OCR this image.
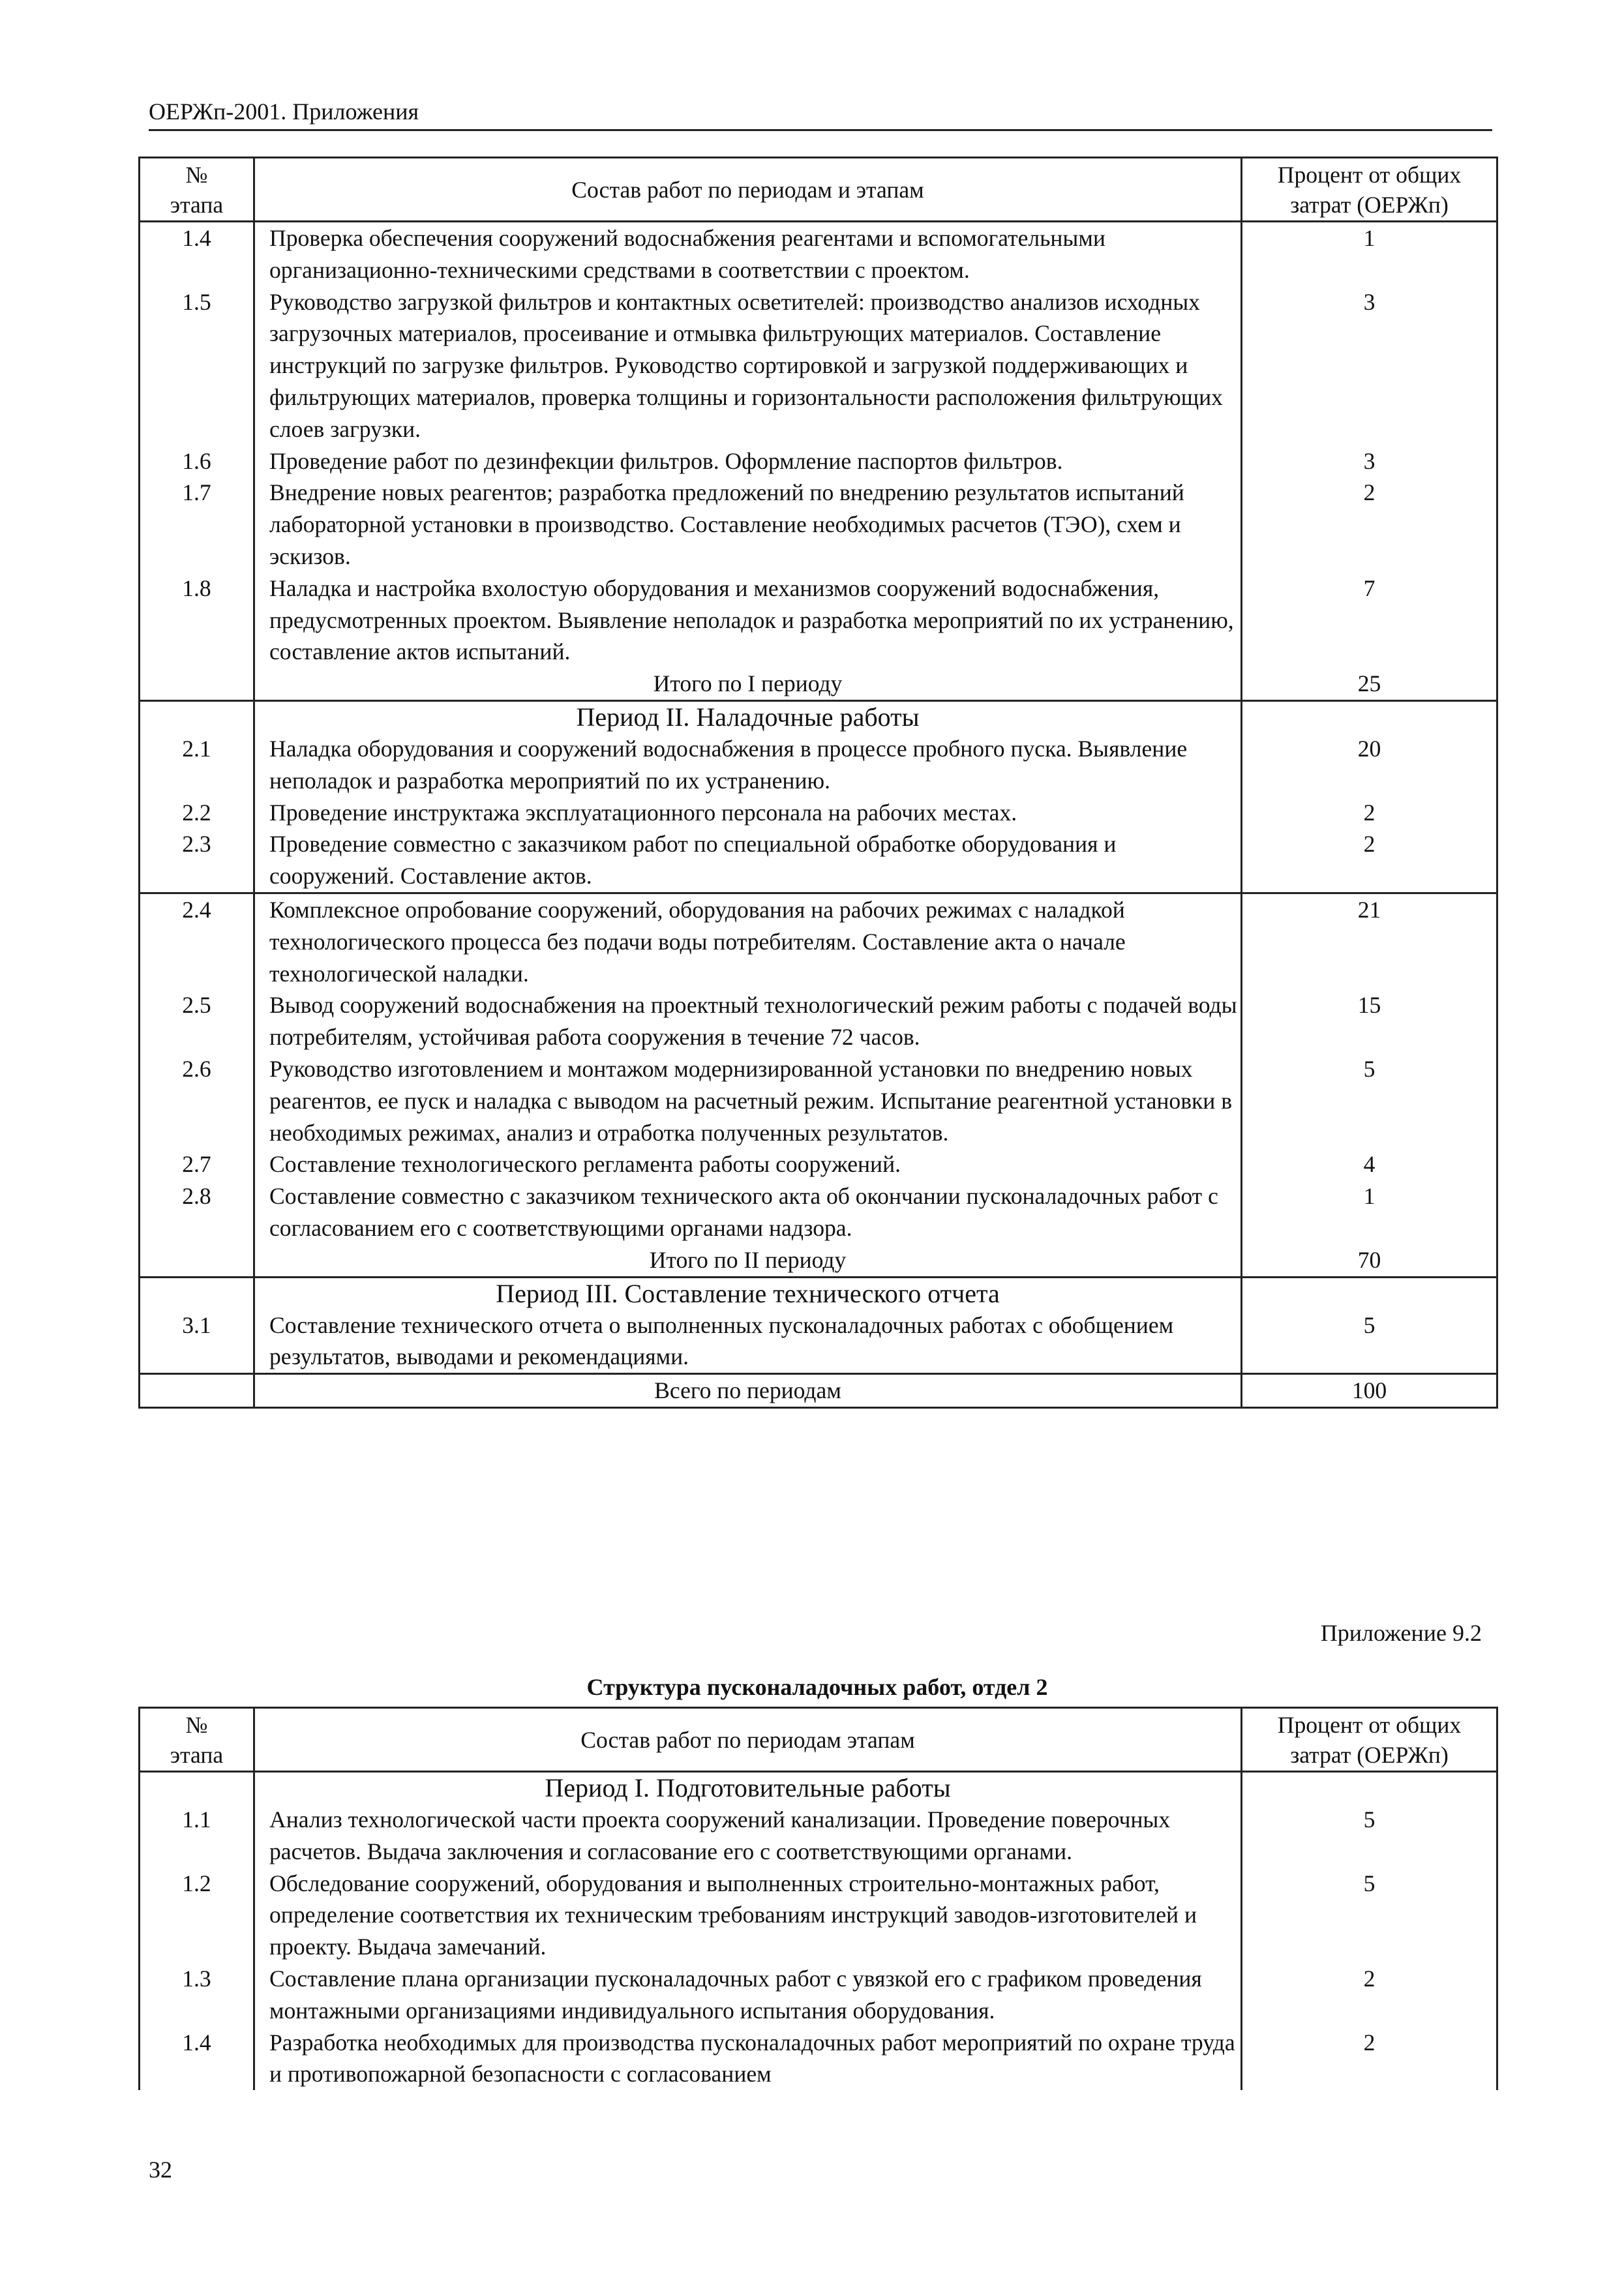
ОЕРЖп-2001. Приложения
№
этапа	Состав работ по периодам и этапам	Процент от общих
затрат (ОЕРЖп)
1.4	Проверка обеспечения сооружений водоснабжения реагентами и вспомогательными организационно-техническими средствами в соответствии с проектом.	1
1.5	Руководство загрузкой фильтров и контактных осветителей: производство анализов исходных загрузочных материалов, просеивание и отмывка фильтрующих материалов. Составление инструкций по загрузке фильтров. Руководство сортировкой и загрузкой поддерживающих и фильтрующих материалов, проверка толщины и горизонтальности расположения фильтрующих слоев загрузки.	3
1.6	Проведение работ по дезинфекции фильтров. Оформление паспортов фильтров.	3
1.7	Внедрение новых реагентов; разработка предложений по внедрению результатов испытаний лабораторной установки в производство. Составление необходимых расчетов (ТЭО), схем и эскизов.	2
1.8	Наладка и настройка вхолостую оборудования и механизмов сооружений водоснабжения, предусмотренных проектом. Выявление неполадок и разработка мероприятий по их устранению, составление актов испытаний.	7
	Итого по I периоду	25
	Период II. Наладочные работы	
2.1	Наладка оборудования и сооружений водоснабжения в процессе пробного пуска. Выявление неполадок и разработка мероприятий по их устранению.	20
2.2	Проведение инструктажа эксплуатационного персонала на рабочих местах.	2
2.3	Проведение совместно с заказчиком работ по специальной обработке оборудования и сооружений. Составление актов.	2
2.4	Комплексное опробование сооружений, оборудования на рабочих режимах с наладкой технологического процесса без подачи воды потребителям. Составление акта о начале технологической наладки.	21
2.5	Вывод сооружений водоснабжения на проектный технологический режим работы с подачей воды потребителям, устойчивая работа сооружения в течение 72 часов.	15
2.6	Руководство изготовлением и монтажом модернизированной установки по внедрению новых реагентов, ее пуск и наладка с выводом на расчетный режим. Испытание реагентной установки в необходимых режимах, анализ и отработка полученных результатов.	5
2.7	Составление технологического регламента работы сооружений.	4
2.8	Составление совместно с заказчиком технического акта об окончании пусконаладочных работ с согласованием его с соответствующими органами надзора.	1
	Итого по II периоду	70
	Период III. Составление технического отчета	
3.1	Составление технического отчета о выполненных пусконаладочных работах с обобщением результатов, выводами и рекомендациями.	5
	Всего по периодам	100
Приложение 9.2
Структура пусконаладочных работ, отдел 2
№
этапа	Состав работ по периодам этапам	Процент от общих
затрат (ОЕРЖп)
	Период I. Подготовительные работы	
1.1	Анализ технологической части проекта сооружений канализации. Проведение поверочных расчетов. Выдача заключения и согласование его с соответствующими органами.	5
1.2	Обследование сооружений, оборудования и выполненных строительно-монтажных работ, определение соответствия их техническим требованиям инструкций заводов-изготовителей и проекту. Выдача замечаний.	5
1.3	Составление плана организации пусконаладочных работ с увязкой его с графиком проведения монтажными организациями индивидуального испытания оборудования.	2
1.4	Разработка необходимых для производства пусконаладочных работ мероприятий по охране труда и противопожарной безопасности с согласованием	2
32
